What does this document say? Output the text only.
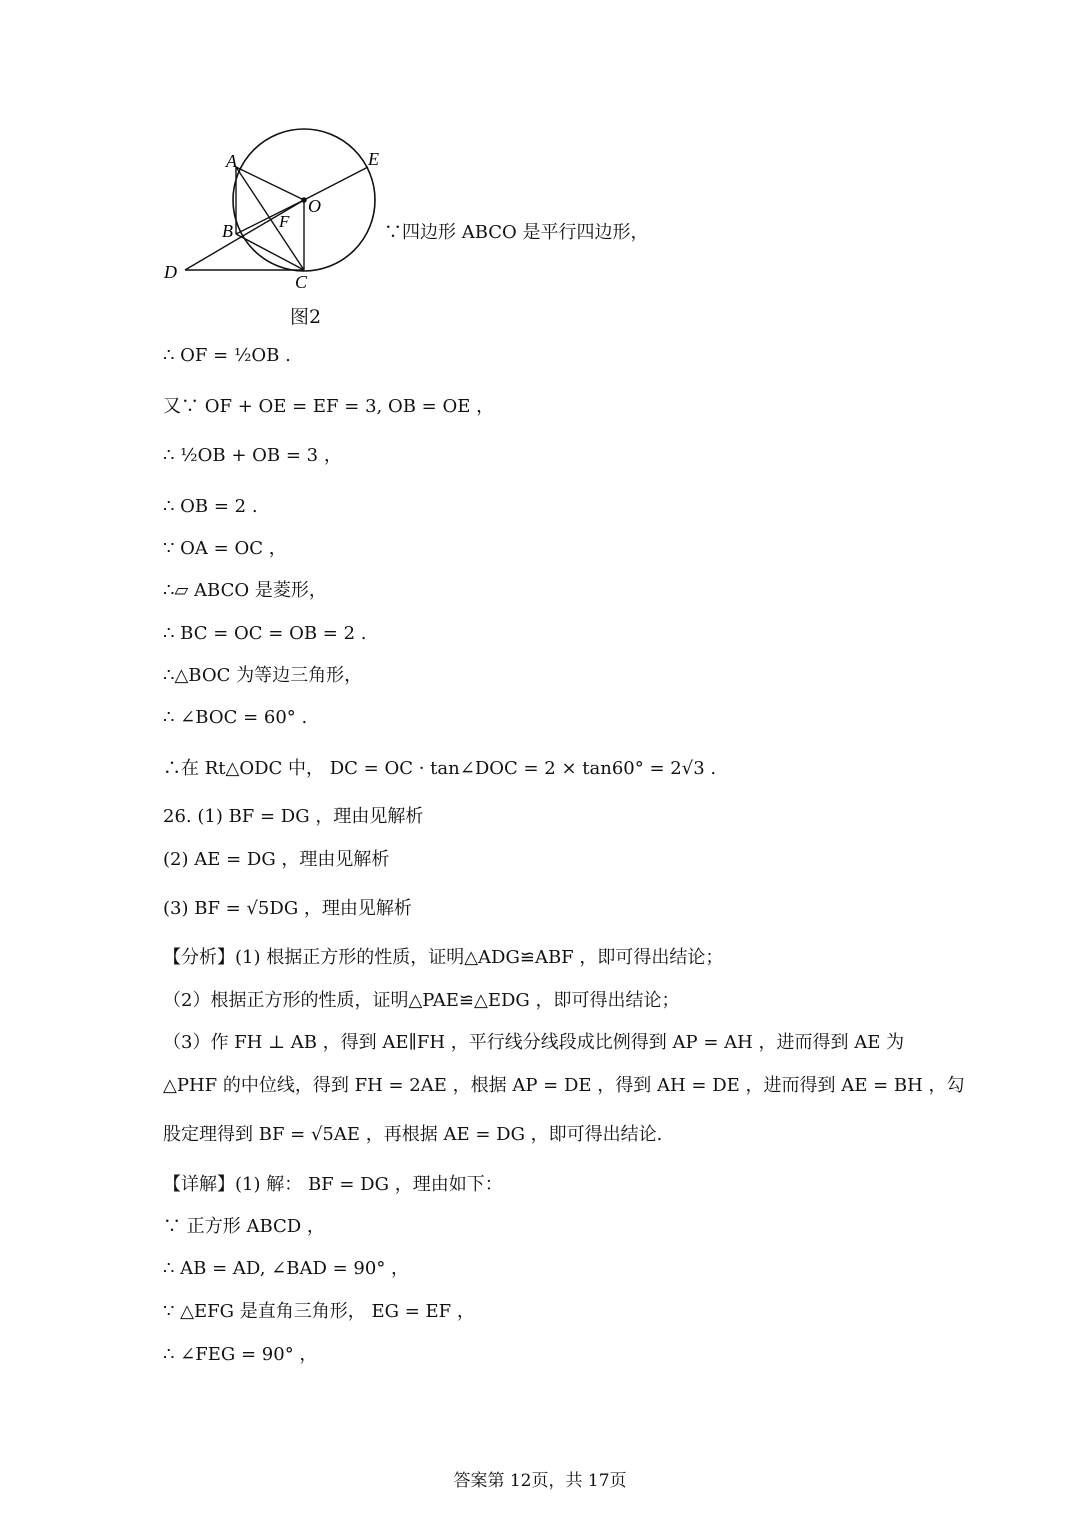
A	E
O
F
B
D	C
图2
∵四边形 ABCO 是平行四边形，
∴ OF = ½OB .
又∵ OF + OE = EF = 3, OB = OE ，
∴ ½OB + OB = 3 ，
∴ OB = 2 .
∵ OA = OC ，
∴▱ ABCO 是菱形，
∴ BC = OC = OB = 2 .
∴△BOC 为等边三角形，
∴ ∠BOC = 60° .
∴在 Rt△ODC 中， DC = OC · tan∠DOC = 2 × tan60° = 2√3 .
26. (1) BF = DG ，理由见解析
(2) AE = DG ，理由见解析
(3) BF = √5DG ，理由见解析
【分析】(1) 根据正方形的性质，证明△ADG≌ABF ，即可得出结论；
（2）根据正方形的性质，证明△PAE≌△EDG ，即可得出结论；
（3）作 FH ⊥ AB ，得到 AE∥FH ，平行线分线段成比例得到 AP = AH ，进而得到 AE 为
△PHF 的中位线，得到 FH = 2AE ，根据 AP = DE ，得到 AH = DE ，进而得到 AE = BH ，勾
股定理得到 BF = √5AE ，再根据 AE = DG ，即可得出结论.
【详解】(1) 解： BF = DG ，理由如下：
∵ 正方形 ABCD ，
∴ AB = AD, ∠BAD = 90° ，
∵ △EFG 是直角三角形， EG = EF ，
∴ ∠FEG = 90° ，
答案第 12页，共 17页
